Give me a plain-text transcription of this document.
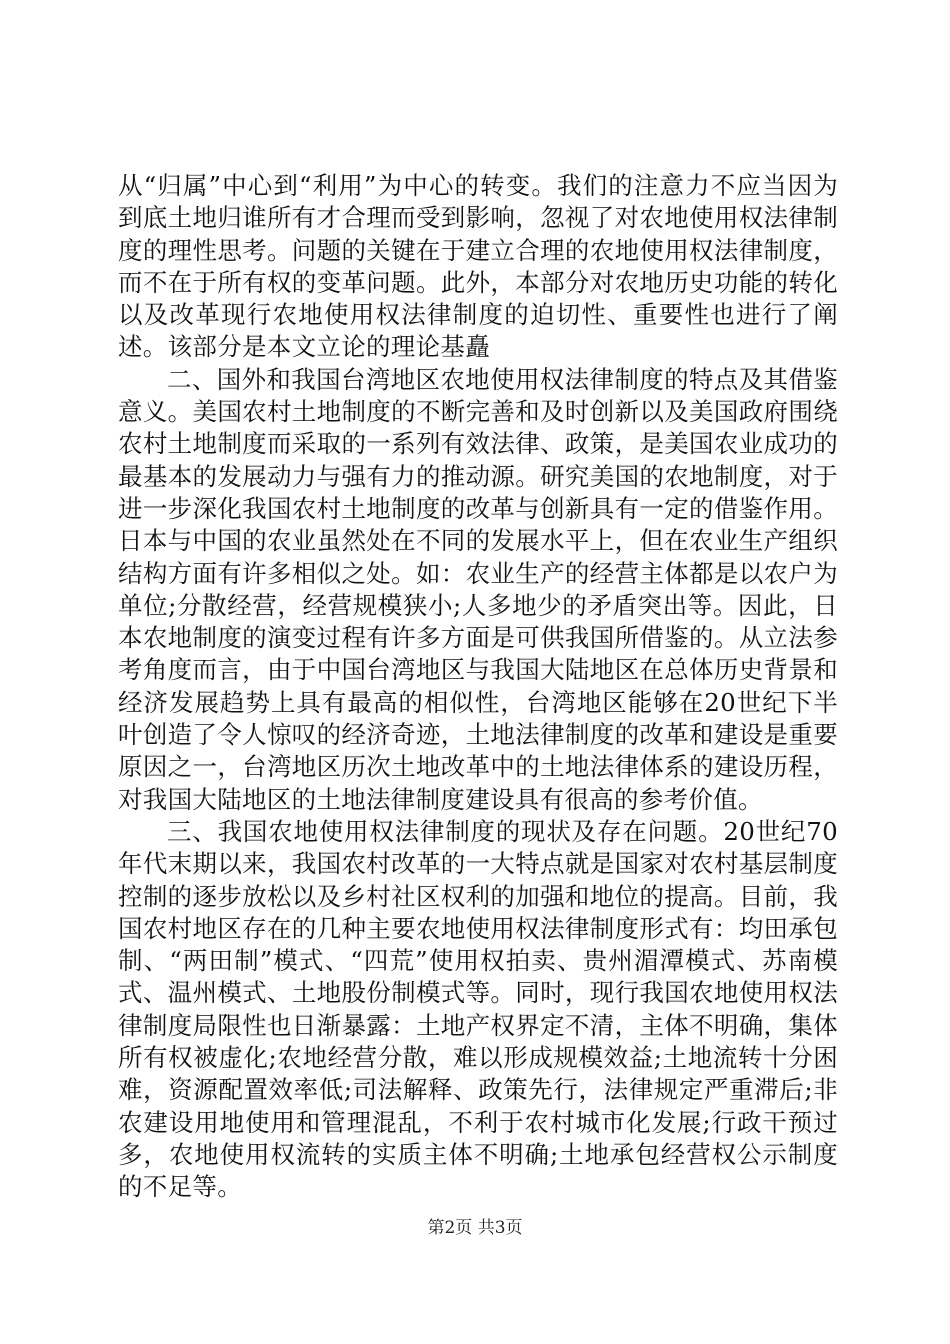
从“归属”中心到“利用”为中心的转变。我们的注意力不应当因为到底土地归谁所有才合理而受到影响，忽视了对农地使用权法律制度的理性思考。问题的关键在于建立合理的农地使用权法律制度，而不在于所有权的变革问题。此外，本部分对农地历史功能的转化以及改革现行农地使用权法律制度的迫切性、重要性也进行了阐述。该部分是本文立论的理论基矗

二、国外和我国台湾地区农地使用权法律制度的特点及其借鉴意义。美国农村土地制度的不断完善和及时创新以及美国政府围绕农村土地制度而采取的一系列有效法律、政策，是美国农业成功的最基本的发展动力与强有力的推动源。研究美国的农地制度，对于进一步深化我国农村土地制度的改革与创新具有一定的借鉴作用。日本与中国的农业虽然处在不同的发展水平上，但在农业生产组织结构方面有许多相似之处。如：农业生产的经营主体都是以农户为单位;分散经营，经营规模狭小;人多地少的矛盾突出等。因此，日本农地制度的演变过程有许多方面是可供我国所借鉴的。从立法参考角度而言，由于中国台湾地区与我国大陆地区在总体历史背景和经济发展趋势上具有最高的相似性，台湾地区能够在20世纪下半叶创造了令人惊叹的经济奇迹，土地法律制度的改革和建设是重要原因之一，台湾地区历次土地改革中的土地法律体系的建设历程，对我国大陆地区的土地法律制度建设具有很高的参考价值。

三、我国农地使用权法律制度的现状及存在问题。20世纪70年代末期以来，我国农村改革的一大特点就是国家对农村基层制度控制的逐步放松以及乡村社区权利的加强和地位的提高。目前，我国农村地区存在的几种主要农地使用权法律制度形式有：均田承包制、“两田制”模式、“四荒”使用权拍卖、贵州湄潭模式、苏南模式、温州模式、土地股份制模式等。同时，现行我国农地使用权法律制度局限性也日渐暴露：土地产权界定不清，主体不明确，集体所有权被虚化;农地经营分散，难以形成规模效益;土地流转十分困难，资源配置效率低;司法解释、政策先行，法律规定严重滞后;非农建设用地使用和管理混乱，不利于农村城市化发展;行政干预过多，农地使用权流转的实质主体不明确;土地承包经营权公示制度的不足等。

第2页 共3页
